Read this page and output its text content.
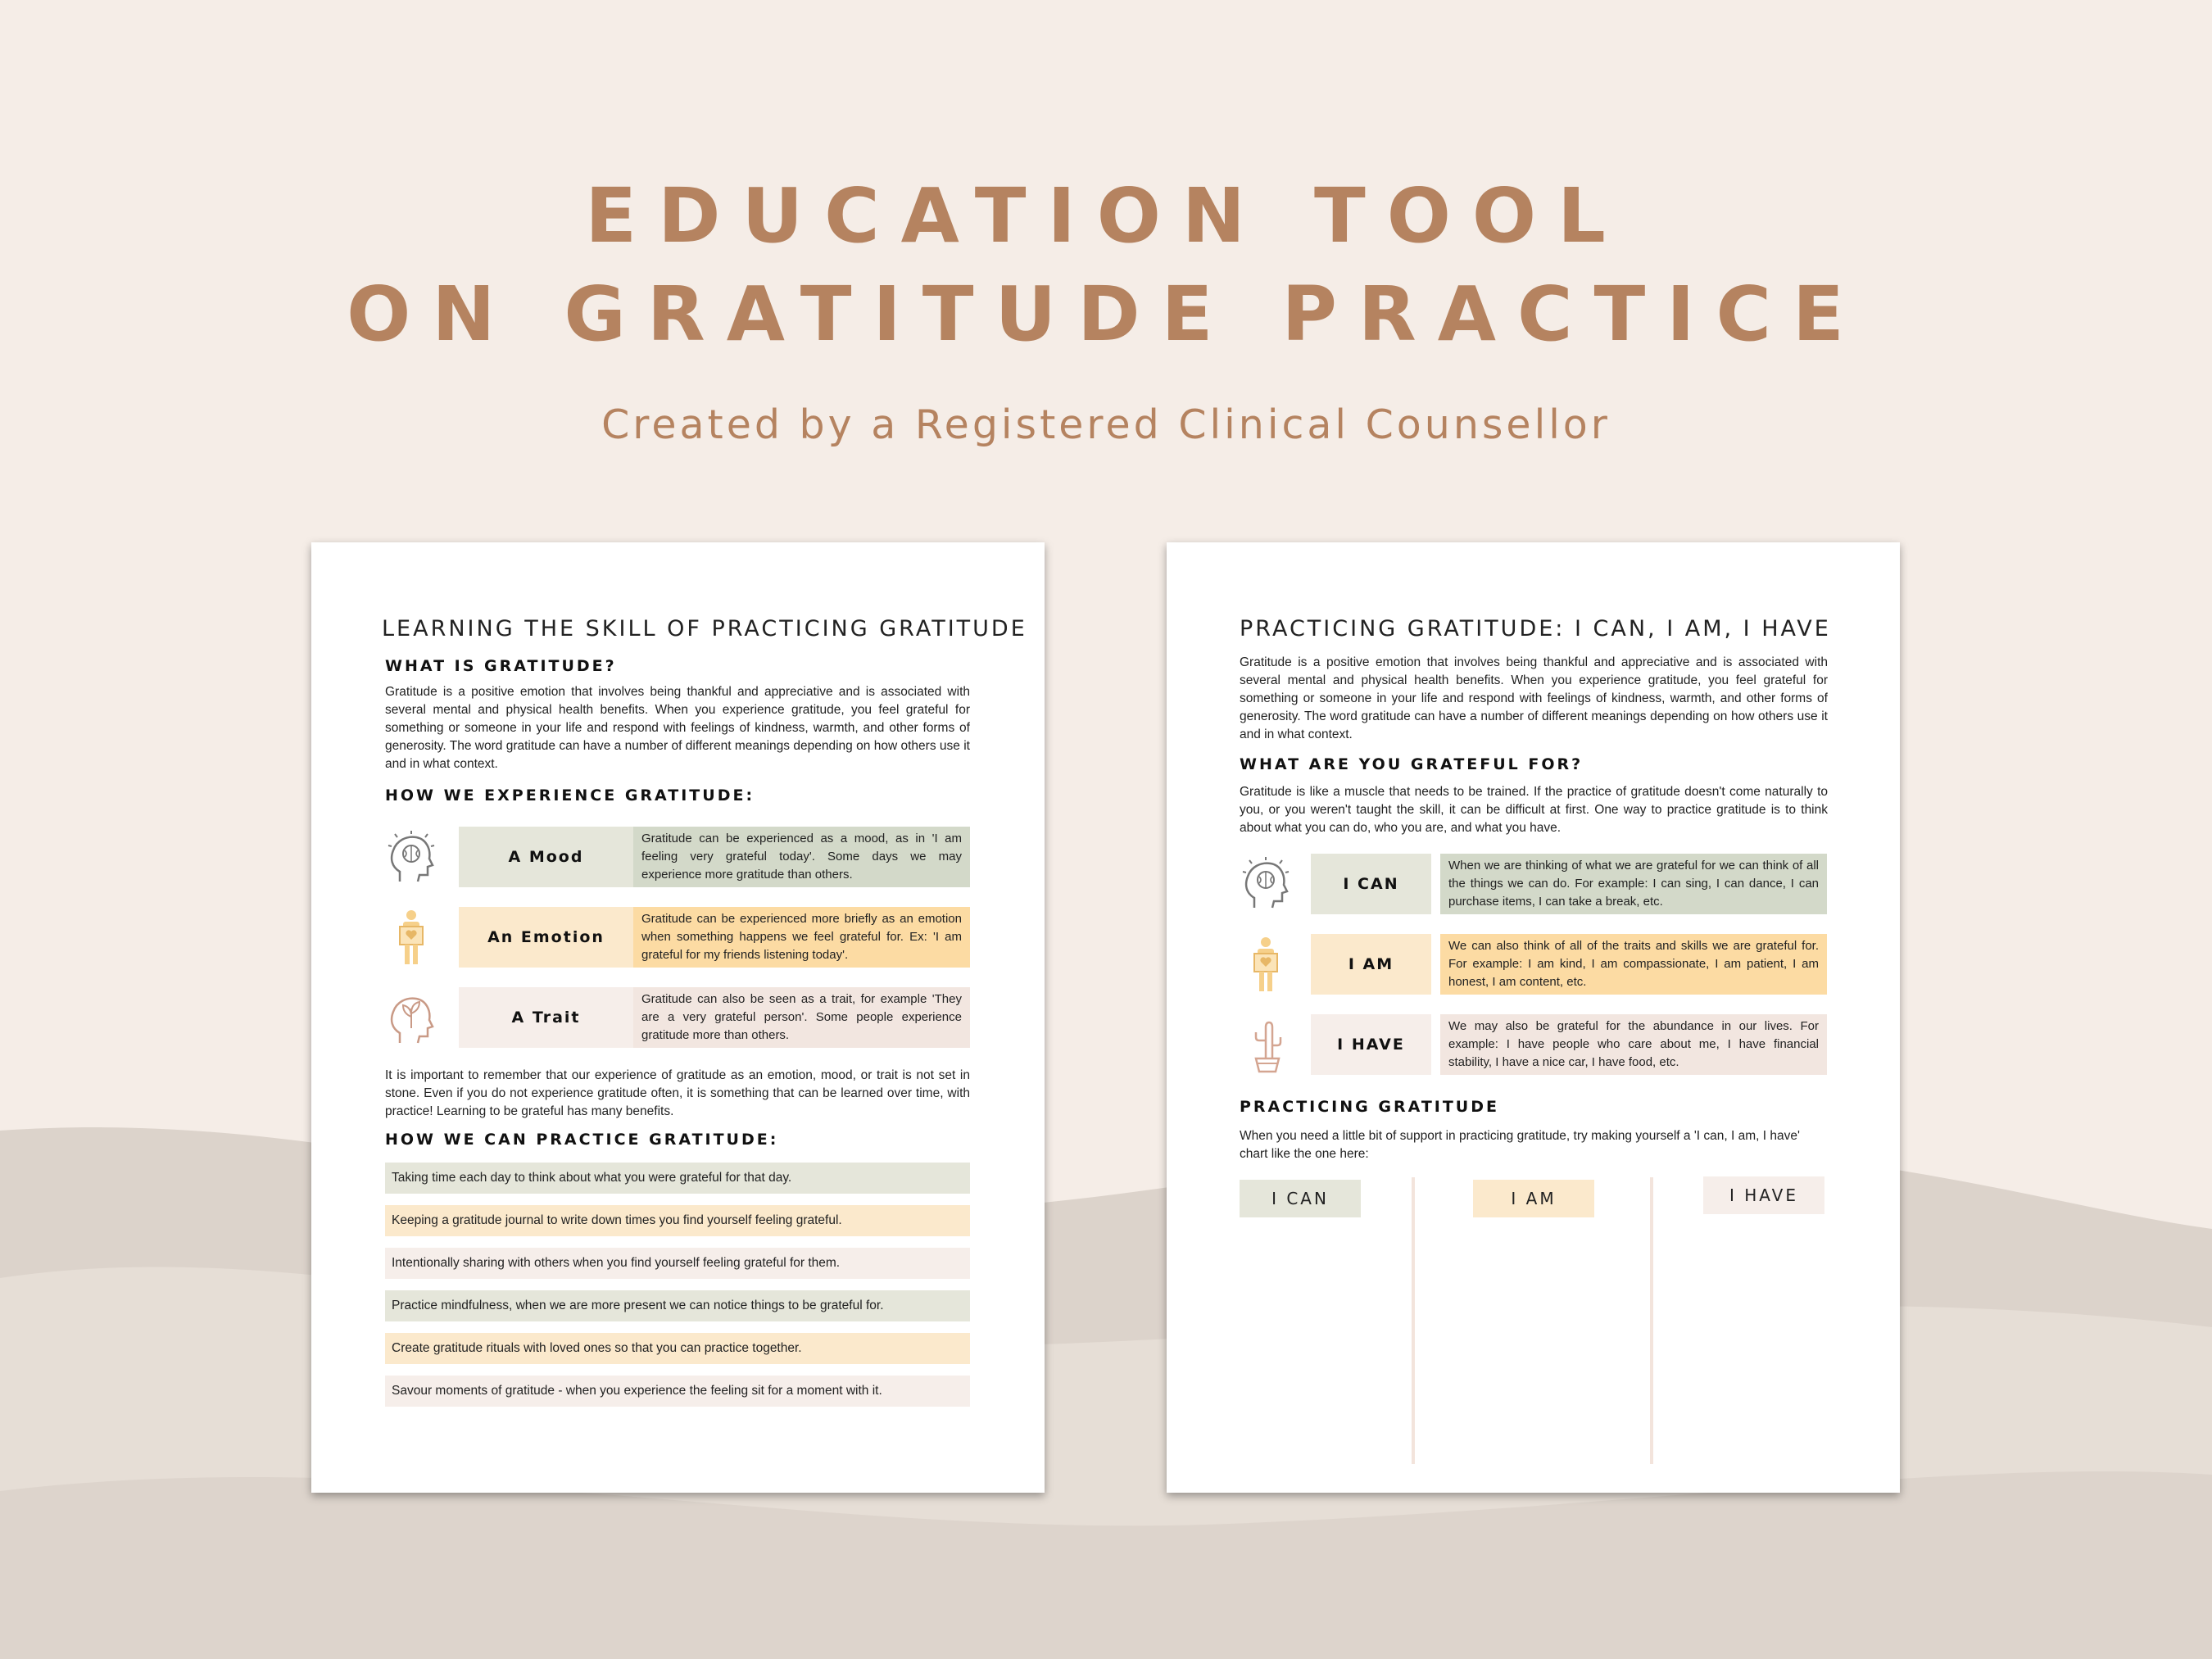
EDUCATION TOOL
ON GRATITUDE PRACTICE
Created by a Registered Clinical Counsellor
LEARNING THE SKILL OF PRACTICING GRATITUDE
WHAT IS GRATITUDE?
Gratitude is a positive emotion that involves being thankful and appreciative and is associated with several mental and physical health benefits. When you experience gratitude, you feel grateful for something or someone in your life and respond with feelings of kindness, warmth, and other forms of generosity. The word gratitude can have a number of different meanings depending on how others use it and in what context.
HOW WE EXPERIENCE GRATITUDE:
A Mood
Gratitude can be experienced as a mood, as in 'I am feeling very grateful today'. Some days we may experience more gratitude than others.
An Emotion
Gratitude can be experienced more briefly as an emotion when something happens we feel grateful for. Ex: 'I am grateful for my friends listening today'.
A Trait
Gratitude can also be seen as a trait, for example 'They are a very grateful person'. Some people experience gratitude more than others.
It is important to remember that our experience of gratitude as an emotion, mood, or trait is not set in stone. Even if you do not experience gratitude often, it is something that can be learned over time, with practice! Learning to be grateful has many benefits.
HOW WE CAN PRACTICE GRATITUDE:
Taking time each day to think about what you were grateful for that day.
Keeping a gratitude journal to write down times you find yourself feeling grateful.
Intentionally sharing with others when you find yourself feeling grateful for them.
Practice mindfulness, when we are more present we can notice things to be grateful for.
Create gratitude rituals with loved ones so that you can practice together.
Savour moments of gratitude - when you experience the feeling sit for a moment with it.
PRACTICING GRATITUDE: I CAN, I AM, I HAVE
Gratitude is a positive emotion that involves being thankful and appreciative and is associated with several mental and physical health benefits. When you experience gratitude, you feel grateful for something or someone in your life and respond with feelings of kindness, warmth, and other forms of generosity. The word gratitude can have a number of different meanings depending on how others use it and in what context.
WHAT ARE YOU GRATEFUL FOR?
Gratitude is like a muscle that needs to be trained. If the practice of gratitude doesn't come naturally to you, or you weren't taught the skill, it can be difficult at first. One way to practice gratitude is to think about what you can do, who you are, and what you have.
I CAN
When we are thinking of what we are grateful for we can think of all the things we can do. For example: I can sing, I can dance, I can purchase items, I can take a break, etc.
I AM
We can also think of all of the traits and skills we are grateful for. For example: I am kind, I am compassionate, I am patient, I am honest, I am content, etc.
I HAVE
We may also be grateful for the abundance in our lives. For example: I have people who care about me, I have financial stability, I have a nice car, I have food, etc.
PRACTICING GRATITUDE
When you need a little bit of support in practicing gratitude, try making yourself a 'I can, I am, I have' chart like the one here:
I CAN	I AM	I HAVE
